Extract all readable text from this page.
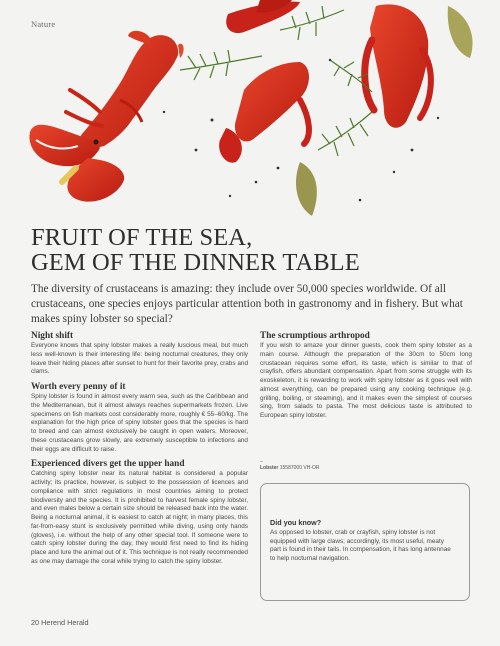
Nature
FRUIT OF THE SEA,
GEM OF THE DINNER TABLE

The diversity of crustaceans is amazing: they include over 50,000 species worldwide. Of all crustaceans, one species enjoys particular attention both in gastronomy and in fishery. But what makes spiny lobster so special?

Night shift

Everyone knows that spiny lobster makes a really luscious meal, but much less well-known is their interesting life: being nocturnal creatures, they only leave their hiding places after sunset to hunt for their favorite prey, crabs and clams.

Worth every penny of it

Spiny lobster is found in almost every warm sea, such as the Caribbean and the Mediterranean, but it almost always reaches supermarkets frozen. Live specimens on fish markets cost considerably more, roughly € 55–60/kg. The explanation for the high price of spiny lobster goes that the species is hard to breed and can almost exclusively be caught in open waters. Moreover, these crustaceans grow slowly, are extremely susceptible to infections and their eggs are difficult to raise.

Experienced divers get the upper hand

Catching spiny lobster near its natural habitat is considered a popular activity; its practice, however, is subject to the possession of licences and compliance with strict regulations in most countries aiming to protect biodiversity and the species. It is prohibited to harvest female spiny lobster, and even males below a certain size should be released back into the water. Being a nocturnal animal, it is easiest to catch at night; in many places, this far-from-easy stunt is exclusively permitted while diving, using only hands (gloves), i.e. without the help of any other special tool. If someone were to catch spiny lobster during the day, they would first need to find its hiding place and lure the animal out of it. This technique is not really recommended as one may damage the coral while trying to catch the spiny lobster.

The scrumptious arthropod

If you wish to amaze your dinner guests, cook them spiny lobster as a main course. Although the preparation of the 30cm to 50cm long crustacean requires some effort, its taste, which is similar to that of crayfish, offers abundant compensation. Apart from some struggle with its exoskeleton, it is rewarding to work with spiny lobster as it goes well with almost everything, can be prepared using any cooking technique (e.g. grilling, boiling, or steaming), and it makes even the simplest of courses sing, from salads to pasta. The most delicious taste is attributed to European spiny lobster.

–
Lobster 15587000 VH-OR
Did you know?

As opposed to lobster, crab or crayfish, spiny lobster is not equipped with large claws; accordingly, its most useful, meaty part is found in their tails. In compensation, it has long antennae to help nocturnal navigation.

20 Herend Herald
